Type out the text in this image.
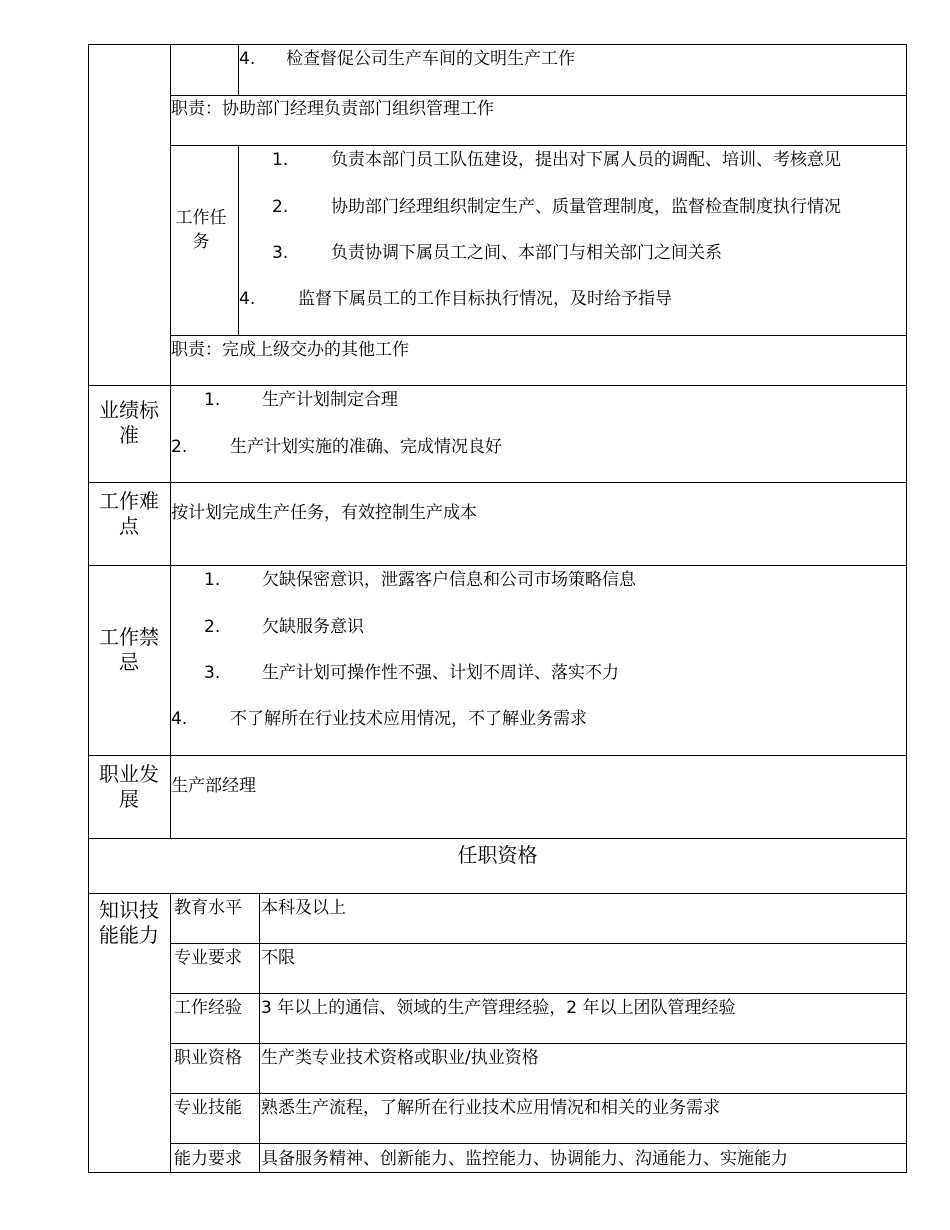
4. 检查督促公司生产车间的文明生产工作
职责：协助部门经理负责部门组织管理工作
工作任务
1.	负责本部门员工队伍建设，提出对下属人员的调配、培训、考核意见
2.	协助部门经理组织制定生产、质量管理制度，监督检查制度执行情况
3.	负责协调下属员工之间、本部门与相关部门之间关系
4.	监督下属员工的工作目标执行情况，及时给予指导
职责：完成上级交办的其他工作
业绩标准
1. 生产计划制定合理
2.	生产计划实施的准确、完成情况良好
工作难点
按计划完成生产任务，有效控制生产成本
工作禁忌
1. 欠缺保密意识，泄露客户信息和公司市场策略信息
2. 欠缺服务意识
3. 生产计划可操作性不强、计划不周详、落实不力
4.	不了解所在行业技术应用情况，不了解业务需求
职业发展
生产部经理
任职资格
知识技能能力
教育水平 本科及以上
专业要求 不限
工作经验 3 年以上的通信、领域的生产管理经验，2 年以上团队管理经验
职业资格 生产类专业技术资格或职业/执业资格
专业技能 熟悉生产流程，了解所在行业技术应用情况和相关的业务需求
能力要求 具备服务精神、创新能力、监控能力、协调能力、沟通能力、实施能力
